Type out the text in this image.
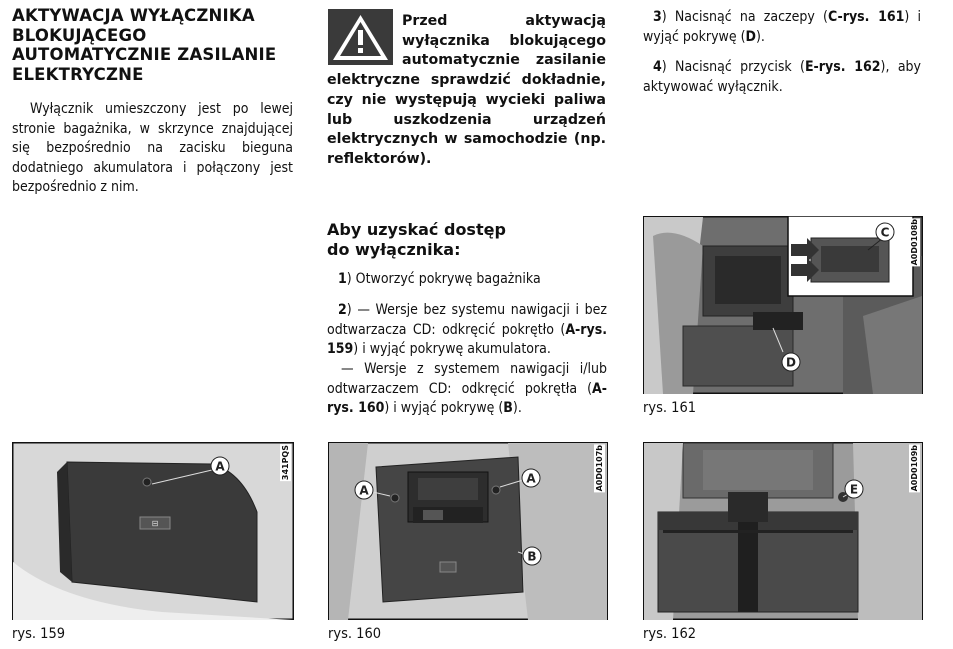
AKTYWACJA WYŁĄCZNIKA
BLOKUJĄCEGO
AUTOMATYCZNIE ZASILANIE
ELEKTRYCZNE
Wyłącznik umieszczony jest po lewej stronie bagażnika, w skrzynce znajdującej się bezpośrednio na zacisku bieguna dodatniego akumulatora i połączony jest bezpośrednio z nim.
Przed aktywacją wyłącznika blokującego automatycznie zasilanie elektryczne sprawdzić dokładnie, czy nie występują wycieki paliwa lub uszkodzenia urządzeń elektrycznych w samochodzie (np. reflektorów).
Aby uzyskać dostęp
do wyłącznika:
1) Otworzyć pokrywę bagażnika
2) — Wersje bez systemu nawigacji i bez odtwarzacza CD: odkręcić pokrętło (A-rys. 159) i wyjąć pokrywę akumulatora.
— Wersje z systemem nawigacji i/lub odtwarzaczem CD: odkręcić pokrętła (A-rys. 160) i wyjąć pokrywę (B).
3) Nacisnąć na zaczepy (C-rys. 161) i wyjąć pokrywę (D).
4) Nacisnąć przycisk (E-rys. 162), aby aktywować wyłącznik.
C
D
A0D0108b
rys. 161
⊟
A	341PQS
rys. 159
A
A
B
A0D0107b
rys. 160
E	A0D0109b
rys. 162
